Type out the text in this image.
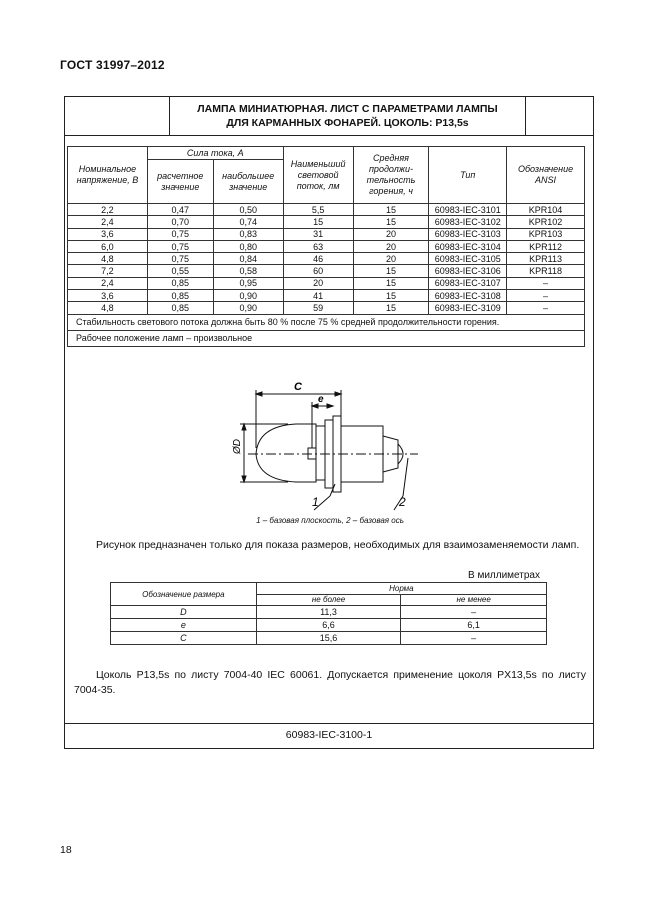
ГОСТ 31997–2012
ЛАМПА МИНИАТЮРНАЯ. ЛИСТ С ПАРАМЕТРАМИ ЛАМПЫ
ДЛЯ КАРМАННЫХ ФОНАРЕЙ. ЦОКОЛЬ: P13,5s
Номинальное напряжение, В	Сила тока, А		Наименьший световой поток, лм	Средняя продолжи- тельность горения, ч	Тип	Обозначение ANSI
	расчетное значение	наибольшее значение				
2,2	0,47	0,50	5,5	15	60983-IEC-3101	KPR104
2,4	0,70	0,74	15	15	60983-IEC-3102	KPR102
3,6	0,75	0,83	31	20	60983-IEC-3103	KPR103
6,0	0,75	0,80	63	20	60983-IEC-3104	KPR112
4,8	0,75	0,84	46	20	60983-IEC-3105	KPR113
7,2	0,55	0,58	60	15	60983-IEC-3106	KPR118
2,4	0,85	0,95	20	15	60983-IEC-3107	–
3,6	0,85	0,90	41	15	60983-IEC-3108	–
4,8	0,85	0,90	59	15	60983-IEC-3109	–
Стабильность светового потока должна быть 80 % после 75 % средней продолжительности горения.						
Рабочее положение ламп – произвольное						
C
e
ØD
1	2
1 – базовая плоскость, 2 – базовая ось
Рисунок предназначен только для показа размеров, необходимых для взаимозаменяемости ламп.
В миллиметрах
Обозначение размера	Норма	
	не более	не менее
D	11,3	–
e	6,6	6,1
C	15,6	–
Цоколь P13,5s по листу 7004-40 IEC 60061. Допускается применение цоколя PX13,5s по листу 7004-35.
60983-IEC-3100-1
18
